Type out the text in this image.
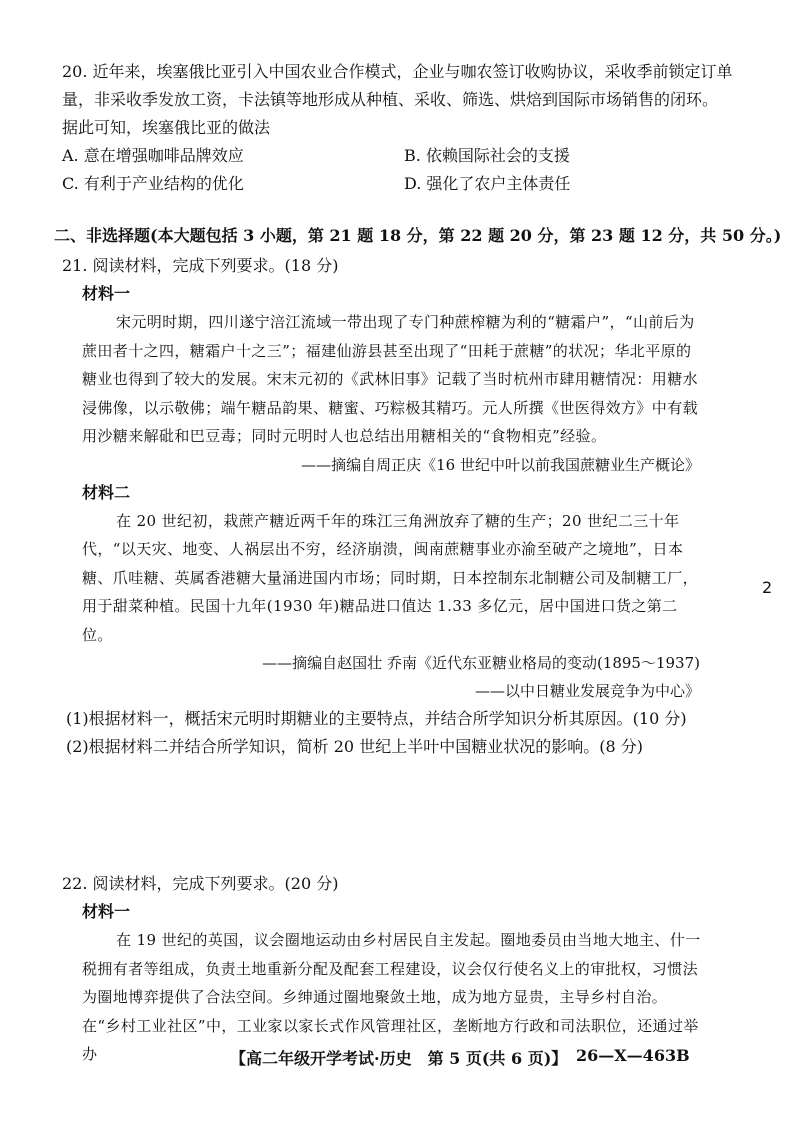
20. 近年来，埃塞俄比亚引入中国农业合作模式，企业与咖农签订收购协议，采收季前锁定订单
量，非采收季发放工资，卡法镇等地形成从种植、采收、筛选、烘焙到国际市场销售的闭环。
据此可知，埃塞俄比亚的做法
A. 意在增强咖啡品牌效应	B. 依赖国际社会的支援
C. 有利于产业结构的优化	D. 强化了农户主体责任
二、非选择题(本大题包括 3 小题，第 21 题 18 分，第 22 题 20 分，第 23 题 12 分，共 50 分。)
21. 阅读材料，完成下列要求。(18 分)
材料一
宋元明时期，四川遂宁涪江流域一带出现了专门种蔗榨糖为利的“糖霜户”，“山前后为蔗田者十之四，糖霜户十之三”；福建仙游县甚至出现了“田耗于蔗糖”的状况；华北平原的糖业也得到了较大的发展。宋末元初的《武林旧事》记载了当时杭州市肆用糖情况：用糖水浸佛像，以示敬佛；端午糖品韵果、糖蜜、巧粽极其精巧。元人所撰《世医得效方》中有载用沙糖来解砒和巴豆毒；同时元明时人也总结出用糖相关的“食物相克”经验。
——摘编自周正庆《16 世纪中叶以前我国蔗糖业生产概论》
材料二
在 20 世纪初，栽蔗产糖近两千年的珠江三角洲放弃了糖的生产；20 世纪二三十年代，“以天灾、地变、人祸层出不穷，经济崩溃，闽南蔗糖事业亦渝至破产之境地”，日本糖、爪哇糖、英属香港糖大量涌进国内市场；同时期，日本控制东北制糖公司及制糖工厂，用于甜菜种植。民国十九年(1930 年)糖品进口值达 1.33 多亿元，居中国进口货之第二位。
——摘编自赵国壮 乔南《近代东亚糖业格局的变动(1895～1937)
——以中日糖业发展竞争为中心》
(1)根据材料一，概括宋元明时期糖业的主要特点，并结合所学知识分析其原因。(10 分)
(2)根据材料二并结合所学知识，简析 20 世纪上半叶中国糖业状况的影响。(8 分)
22. 阅读材料，完成下列要求。(20 分)
材料一
在 19 世纪的英国，议会圈地运动由乡村居民自主发起。圈地委员由当地大地主、什一税拥有者等组成，负责土地重新分配及配套工程建设，议会仅行使名义上的审批权，习惯法为圈地博弈提供了合法空间。乡绅通过圈地聚敛土地，成为地方显贵，主导乡村自治。在“乡村工业社区”中，工业家以家长式作风管理社区，垄断地方行政和司法职位，还通过举办
2
【高二年级开学考试·历史　第 5 页(共 6 页)】 26—X—463B
